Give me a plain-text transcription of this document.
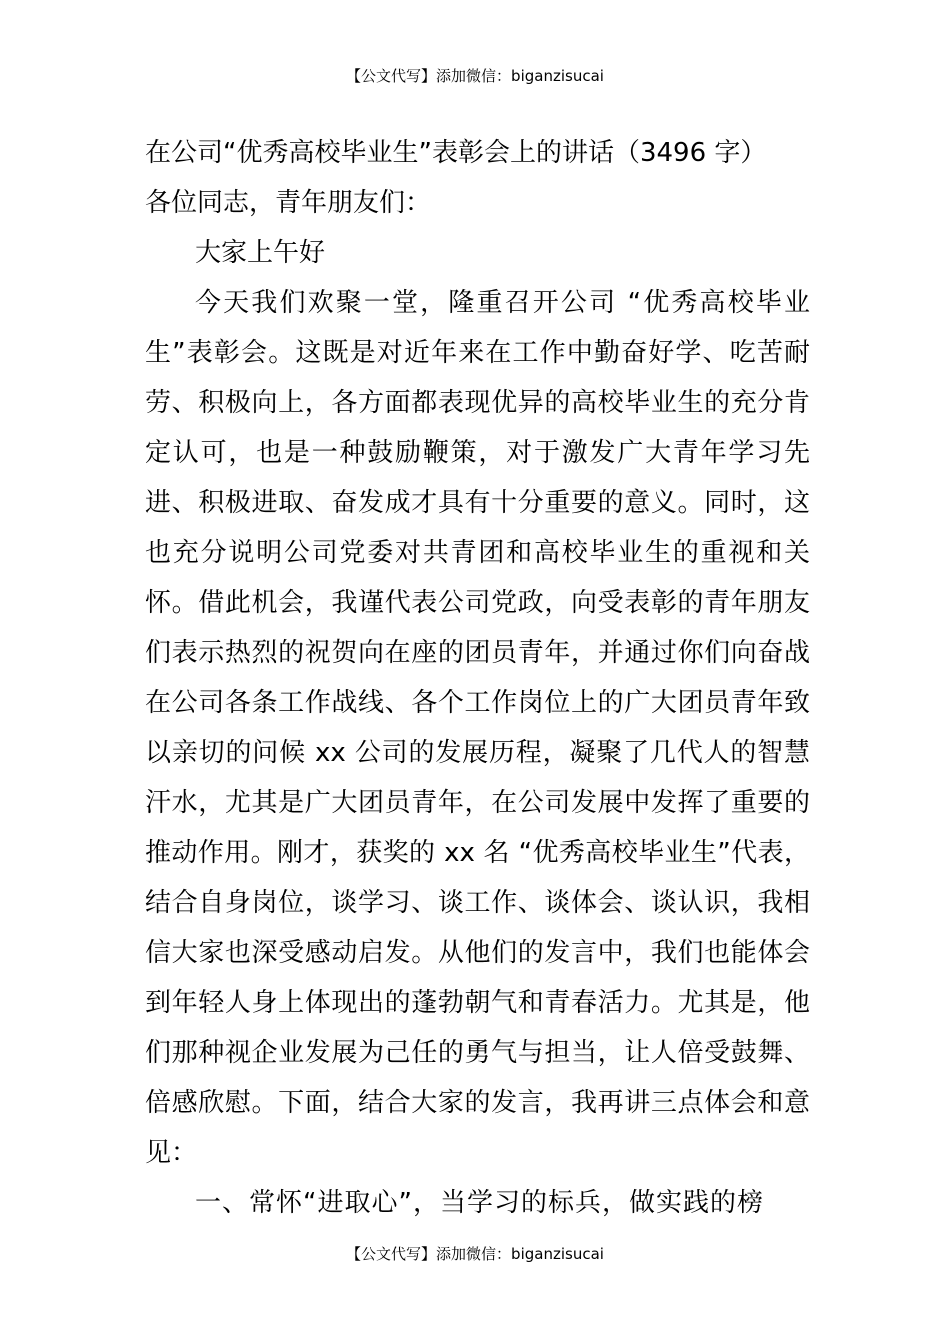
【公文代写】添加微信：biganzisucai

在公司“优秀高校毕业生”表彰会上的讲话（3496 字）

各位同志，青年朋友们：

大家上午好

今天我们欢聚一堂，隆重召开公司 “优秀高校毕业生”表彰会。这既是对近年来在工作中勤奋好学、吃苦耐劳、积极向上，各方面都表现优异的高校毕业生的充分肯定认可，也是一种鼓励鞭策，对于激发广大青年学习先进、积极进取、奋发成才具有十分重要的意义。同时，这也充分说明公司党委对共青团和高校毕业生的重视和关怀。借此机会，我谨代表公司党政，向受表彰的青年朋友们表示热烈的祝贺向在座的团员青年，并通过你们向奋战在公司各条工作战线、各个工作岗位上的广大团员青年致以亲切的问候 xx 公司的发展历程，凝聚了几代人的智慧汗水，尤其是广大团员青年，在公司发展中发挥了重要的推动作用。刚才，获奖的 xx 名 “优秀高校毕业生”代表，结合自身岗位，谈学习、谈工作、谈体会、谈认识，我相信大家也深受感动启发。从他们的发言中，我们也能体会到年轻人身上体现出的蓬勃朝气和青春活力。尤其是，他们那种视企业发展为己任的勇气与担当，让人倍受鼓舞、倍感欣慰。下面，结合大家的发言，我再讲三点体会和意见：

一、常怀“进取心”，当学习的标兵，做实践的榜

【公文代写】添加微信：biganzisucai
